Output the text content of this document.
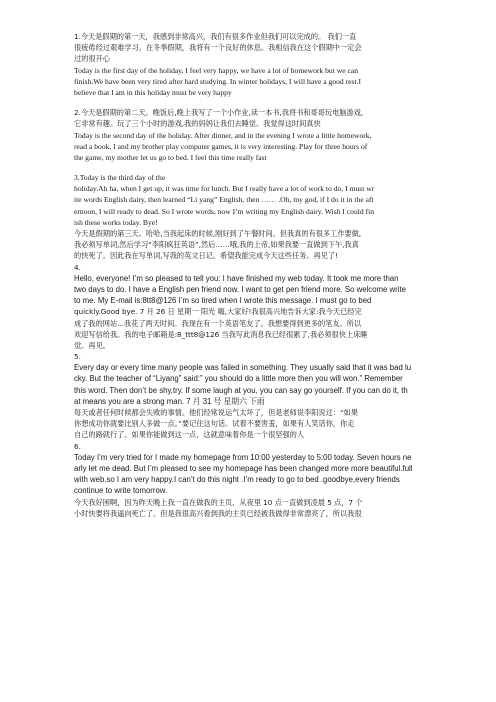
1.今天是假期的第一天，我感到非常高兴，我们有很多作业但我们可以完成的。 我们一直
很疲倦经过艰难学习。在冬季假期，我将有一个良好的休息。我相信我在这个假期中一定会
过的很开心
Today is the first day of the holiday, I feel very happy, we have a lot of homework but we can
finish.We have been very tired after hard studying. In winter holidays, I will have a good rest.I
believe that I am in this holiday must be very happy
2.今天是假期的第二天。晚饭后,晚上我写了一个小作业,读一本书,我将书和哥哥玩电脑游戏,
它非常有趣。玩了三个小时的游戏,我的妈妈让我们去睡觉。我觉得这时间真快
Today is the second day of the holiday. After dinner, and in the evening I wrote a little homework,
read a book, I and my brother play computer games, it is very interesting. Play for three hours of
the game, my mother let us go to bed. I feel this time really fast
3.Today is the third day of the
holiday.Ah ha, when I get up, it was time for lunch. But I really have a lot of work to do, I must wr
ite words English dairy, then learned “Li yang” English, then …… .Oh, my god, if I do it in the aft
ernoon, I will ready to dead. So I wrote words, now I’m writing my English dairy. Wish I could fin
ish these works today. Bye!
今天是假期的第三天。哈哈,当我起床的时候,刚好到了午餐时间。但我真的有很多工作要做,
我必须写单词,然后学习“李阳疯狂英语”,然后……哦,我的上帝,如果我要一直做到下午,我真
的快死了。因此我在写单词,写我的英文日记。希望我能完成今天这些任务。再见了!
4.
Hello, everyone! I’m so pleased to tell you: I have finished my web today. It took me more than
two days to do. I have a English pen friend now. I want to get pen friend more. So welcome write
to me. My E-mail is:8tt8@126 I’m so tired when I wrote this message. I must go to bed
quickly.Good bye. 7 月 26 日 星期一 阳光 嗨,大家好!我很高兴地告诉大家:我今天已经完
成了我的网站...我花了两天时间。我现在有一个英语笔友了。我想要得到更多的笔友。所以
欢迎写信给我。我的电子邮箱是:8_ttt8@126 当我写此消息我已经很累了,我必须很快上床睡
觉。再见。
5.
Every day or every time many people was failed in something. They usually said that it was bad lu
cky. But the teacher of “Liyang” said:” you should do a little more then you will won.” Remember
this word. Then don’t be shy,try. If some laugh at you, you can say go yourself. If you can do it, th
at means you are a strong man. 7 月 31 号 星期六 下雨
每天或者任何时候都会失败的事情。他们经常说运气太坏了，但是老师说李阳说过：“如果
你想成功你就要比别人多做一点。”要记住这句话。试着不要害羞，如果有人笑话你，你走
自己的路就行了。如果你能做到这一点，这就意味着你是一个很坚强的人
6.
Today I’m very tried for I made my homepage from 10:00 yesterday to 5:00 today. Seven hours ne
arly let me dead. But I’m pleased to see my homepage has been changed more more beautiful.full
with web.so I am very happy.I can’t do this night .I’m ready to go to bed .goodbye,every friends
continue to write tomorrow.
今天我好困啊，因为昨天晚上我一直在做我的主页，从夜里 10 点一直做到凌晨 5 点，7 个
小时快要将我逼向死亡了。但是我很高兴看到我的主页已经被我做得非常漂亮了，所以我很
